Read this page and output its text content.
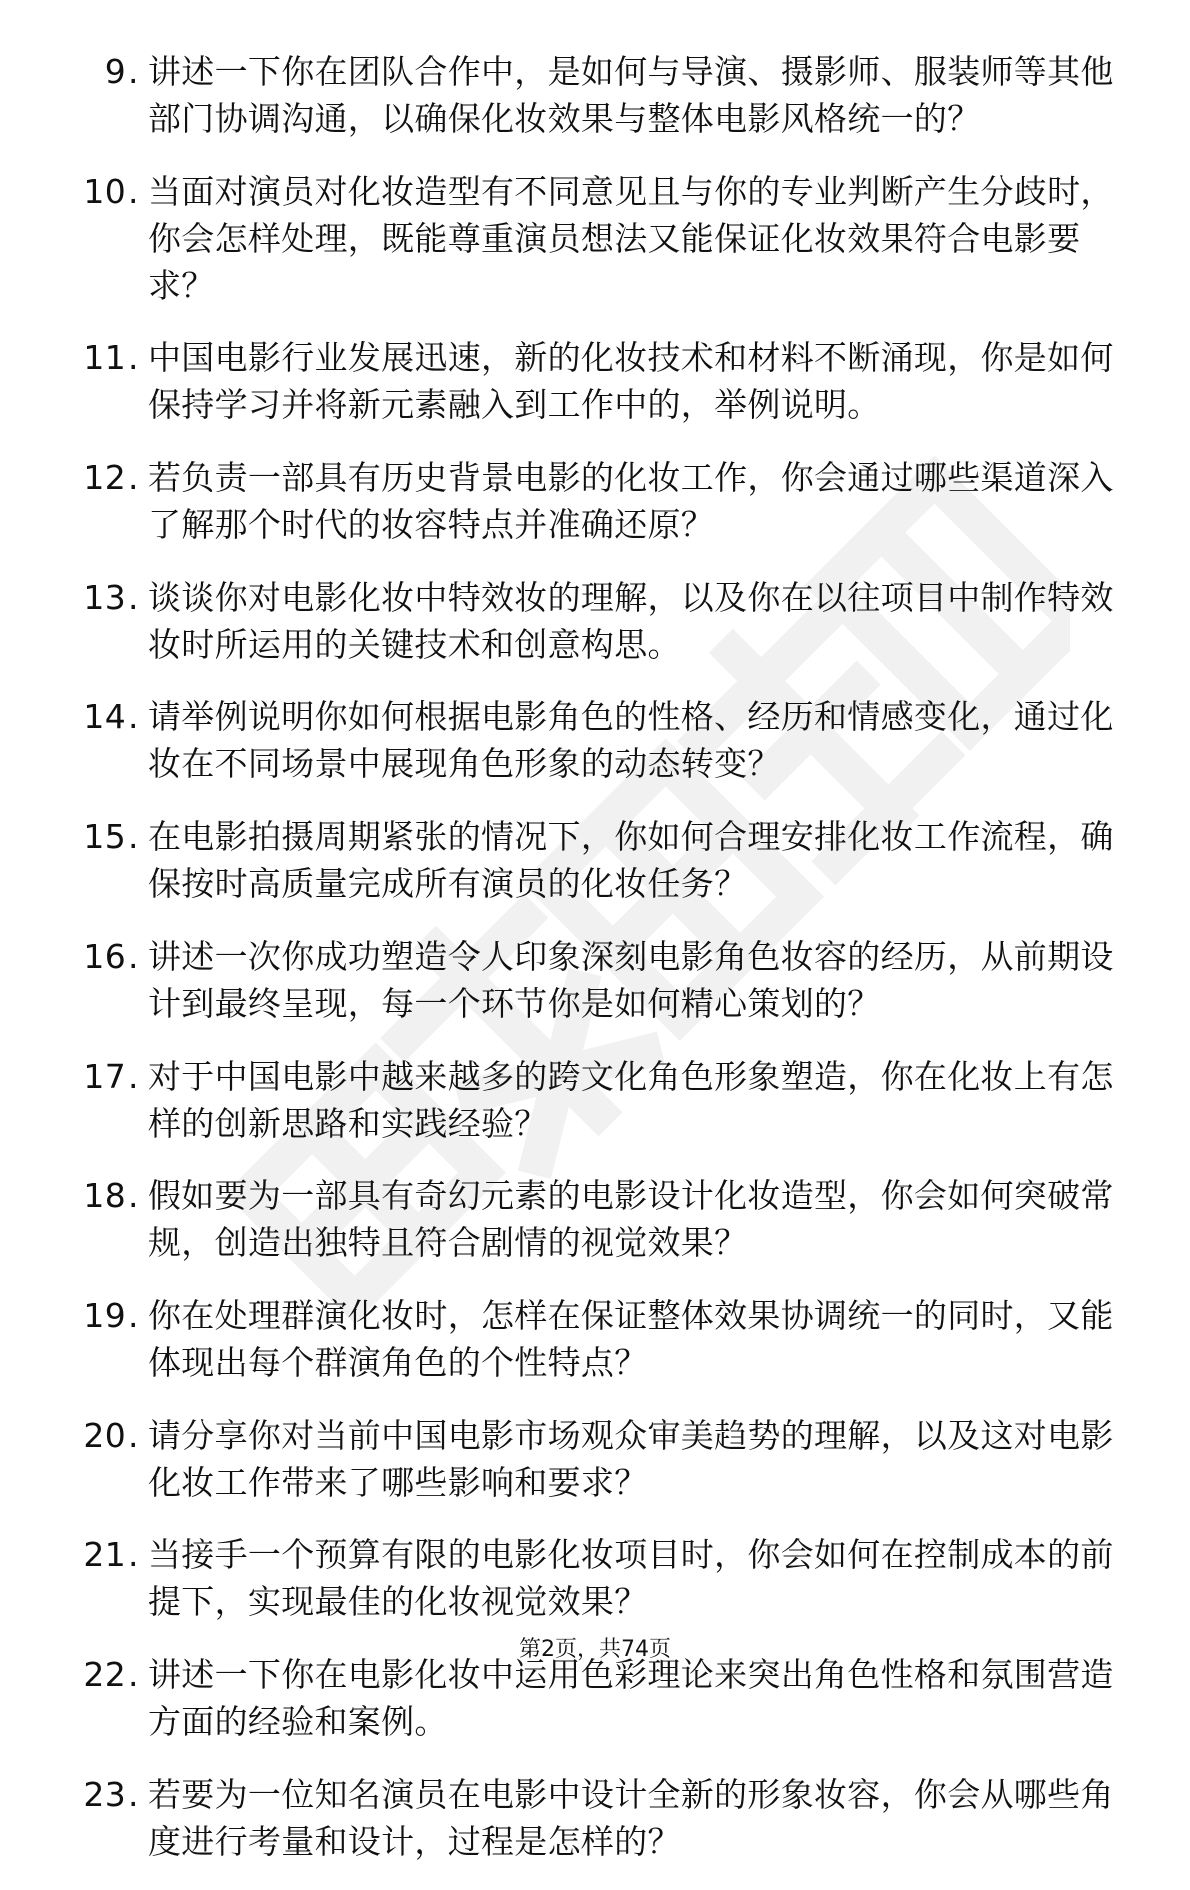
9 . 讲述一下你在团队合作中，是如何与导演、摄影师、服装师等其他部门协调沟通，以确保化妆效果与整体电影风格统一的？
10 . 当面对演员对化妆造型有不同意见且与你的专业判断产生分歧时，你会怎样处理，既能尊重演员想法又能保证化妆效果符合电影要求？
11 . 中国电影行业发展迅速，新的化妆技术和材料不断涌现，你是如何保持学习并将新元素融入到工作中的，举例说明。
12 . 若负责一部具有历史背景电影的化妆工作，你会通过哪些渠道深入了解那个时代的妆容特点并准确还原？
13 . 谈谈你对电影化妆中特效妆的理解，以及你在以往项目中制作特效妆时所运用的关键技术和创意构思。
14 . 请举例说明你如何根据电影角色的性格、经历和情感变化，通过化妆在不同场景中展现角色形象的动态转变？
15 . 在电影拍摄周期紧张的情况下，你如何合理安排化妆工作流程，确保按时高质量完成所有演员的化妆任务？
16 . 讲述一次你成功塑造令人印象深刻电影角色妆容的经历，从前期设计到最终呈现，每一个环节你是如何精心策划的？
17 . 对于中国电影中越来越多的跨文化角色形象塑造，你在化妆上有怎样的创新思路和实践经验？
18 . 假如要为一部具有奇幻元素的电影设计化妆造型，你会如何突破常规，创造出独特且符合剧情的视觉效果？
19 . 你在处理群演化妆时，怎样在保证整体效果协调统一的同时，又能体现出每个群演角色的个性特点？
20 . 请分享你对当前中国电影市场观众审美趋势的理解，以及这对电影化妆工作带来了哪些影响和要求？
21 . 当接手一个预算有限的电影化妆项目时，你会如何在控制成本的前提下，实现最佳的化妆视觉效果？
22 . 讲述一下你在电影化妆中运用色彩理论来突出角色性格和氛围营造方面的经验和案例。
23 . 若要为一位知名演员在电影中设计全新的形象妆容，你会从哪些角度进行考量和设计，过程是怎样的？
第2页，共74页
